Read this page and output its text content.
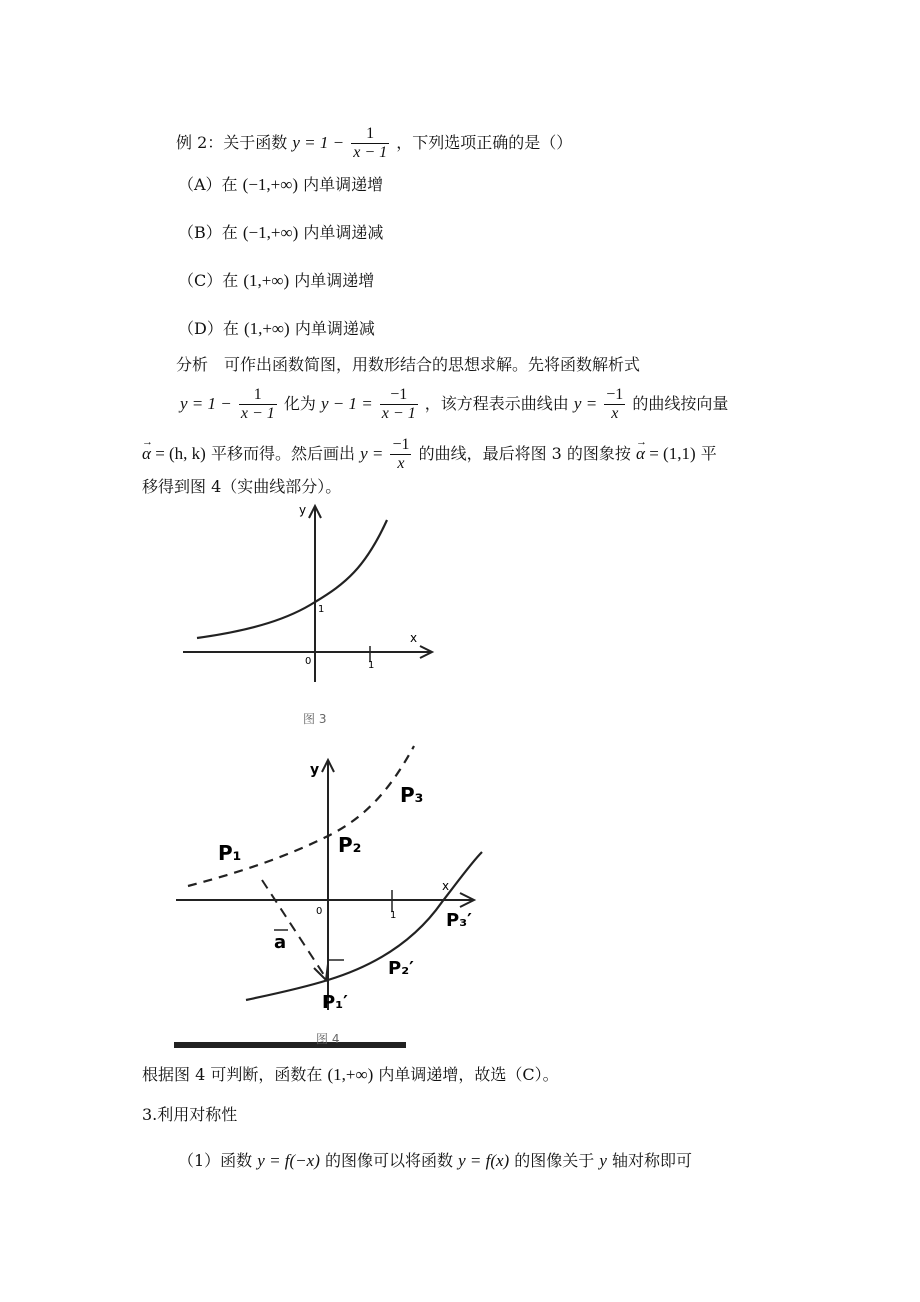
例 2：关于函数 $y = 1 - \frac{1}{x - 1}$ ，下列选项正确的是（）
（A）在 (−1,+∞) 内单调递增
（B）在 (−1,+∞) 内单调递减
（C）在 (1,+∞) 内单调递增
（D）在 (1,+∞) 内单调递减
分析　可作出函数简图，用数形结合的思想求解。先将函数解析式
$y = 1 - \frac{1}{x - 1}$ 化为 $y - 1 = \frac{-1}{x - 1}$ ，该方程表示曲线由 $y = \frac{-1}{x}$ 的曲线按向量
→ α = (h, k) 平移而得。然后画出 $y = \frac{-1}{x}$ 的曲线，最后将图 3 的图象按 → α = (1,1) 平
移得到图 4（实曲线部分）。
y
x
0
1
1
图 3
y
x
0	1
P₁	P₂
P₃
P₁′
P₂′
P₃′
a
图 4
根据图 4 可判断，函数在 (1,+∞) 内单调递增，故选（C）。
3.利用对称性
（1）函数 y = f(−x) 的图像可以将函数 y = f(x) 的图像关于 y 轴对称即可
